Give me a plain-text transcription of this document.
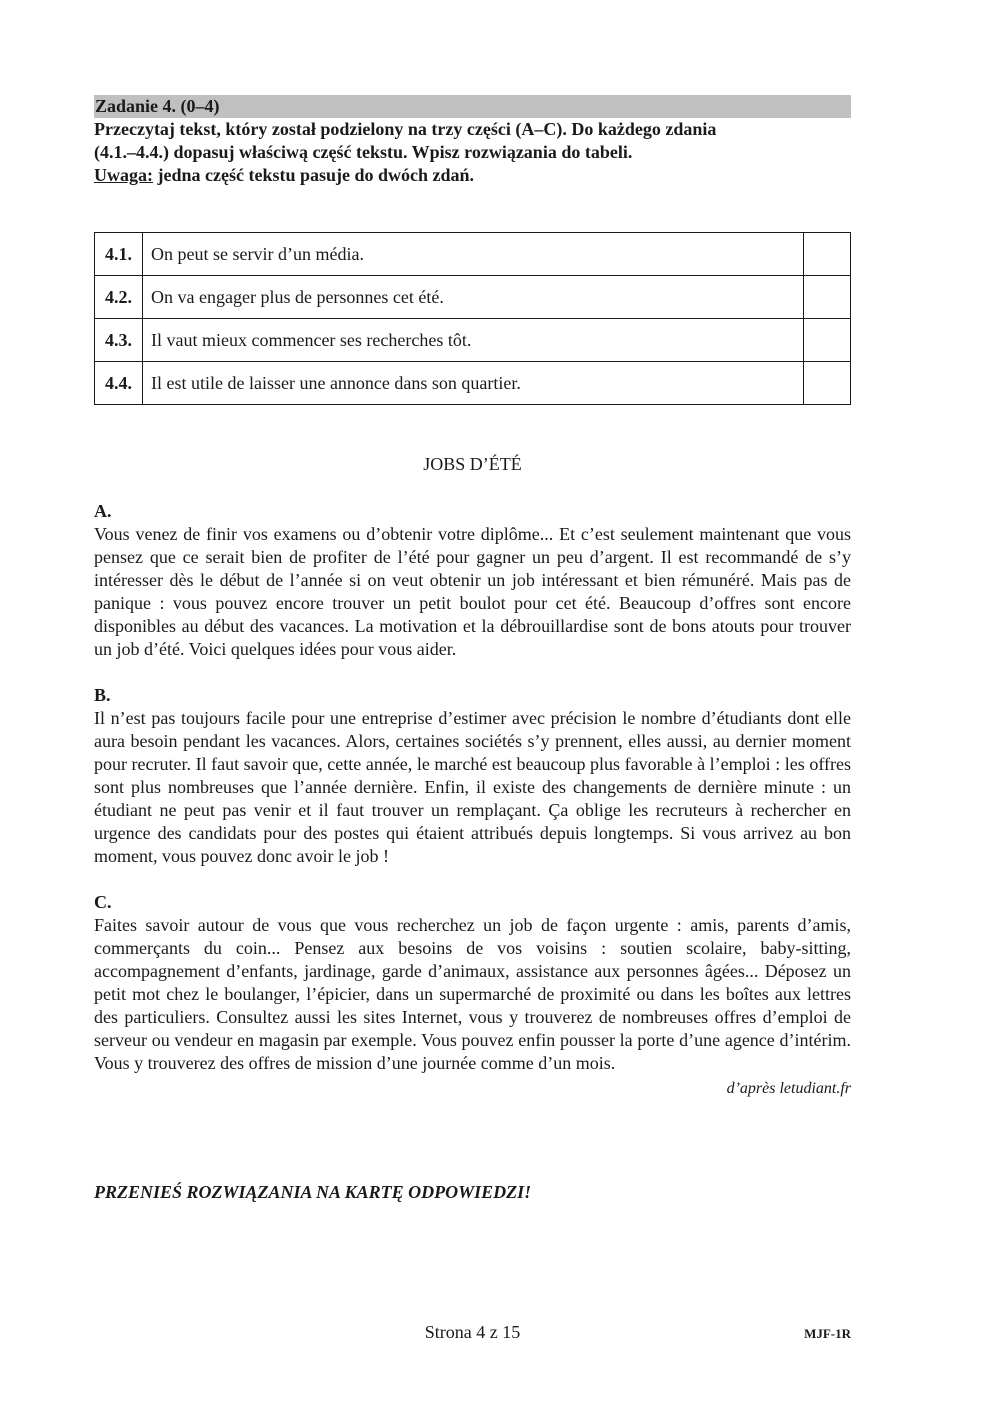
Zadanie 4. (0–4)
Przeczytaj tekst, który został podzielony na trzy części (A–C). Do każdego zdania
(4.1.–4.4.) dopasuj właściwą część tekstu. Wpisz rozwiązania do tabeli.
Uwaga: jedna część tekstu pasuje do dwóch zdań.
4.1.	On peut se servir d’un média.	
4.2.	On va engager plus de personnes cet été.	
4.3.	Il vaut mieux commencer ses recherches tôt.	
4.4.	Il est utile de laisser une annonce dans son quartier.	
JOBS D’ÉTÉ
A.
Vous venez de finir vos examens ou d’obtenir votre diplôme... Et c’est seulement maintenant que vous pensez que ce serait bien de profiter de l’été pour gagner un peu d’argent. Il est recommandé de s’y intéresser dès le début de l’année si on veut obtenir un job intéressant et bien rémunéré. Mais pas de panique : vous pouvez encore trouver un petit boulot pour cet été. Beaucoup d’offres sont encore disponibles au début des vacances. La motivation et la débrouillardise sont de bons atouts pour trouver un job d’été. Voici quelques idées pour vous aider.
B.
Il n’est pas toujours facile pour une entreprise d’estimer avec précision le nombre d’étudiants dont elle aura besoin pendant les vacances. Alors, certaines sociétés s’y prennent, elles aussi, au dernier moment pour recruter. Il faut savoir que, cette année, le marché est beaucoup plus favorable à l’emploi : les offres sont plus nombreuses que l’année dernière. Enfin, il existe des changements de dernière minute : un étudiant ne peut pas venir et il faut trouver un remplaçant. Ça oblige les recruteurs à rechercher en urgence des candidats pour des postes qui étaient attribués depuis longtemps. Si vous arrivez au bon moment, vous pouvez donc avoir le job !
C.
Faites savoir autour de vous que vous recherchez un job de façon urgente : amis, parents d’amis, commerçants du coin... Pensez aux besoins de vos voisins : soutien scolaire, baby-sitting, accompagnement d’enfants, jardinage, garde d’animaux, assistance aux personnes âgées... Déposez un petit mot chez le boulanger, l’épicier, dans un supermarché de proximité ou dans les boîtes aux lettres des particuliers. Consultez aussi les sites Internet, vous y trouverez de nombreuses offres d’emploi de serveur ou vendeur en magasin par exemple. Vous pouvez enfin pousser la porte d’une agence d’intérim. Vous y trouverez des offres de mission d’une journée comme d’un mois.
d’après letudiant.fr
PRZENIEŚ ROZWIĄZANIA NA KARTĘ ODPOWIEDZI!
Strona 4 z 15	MJF-1R
